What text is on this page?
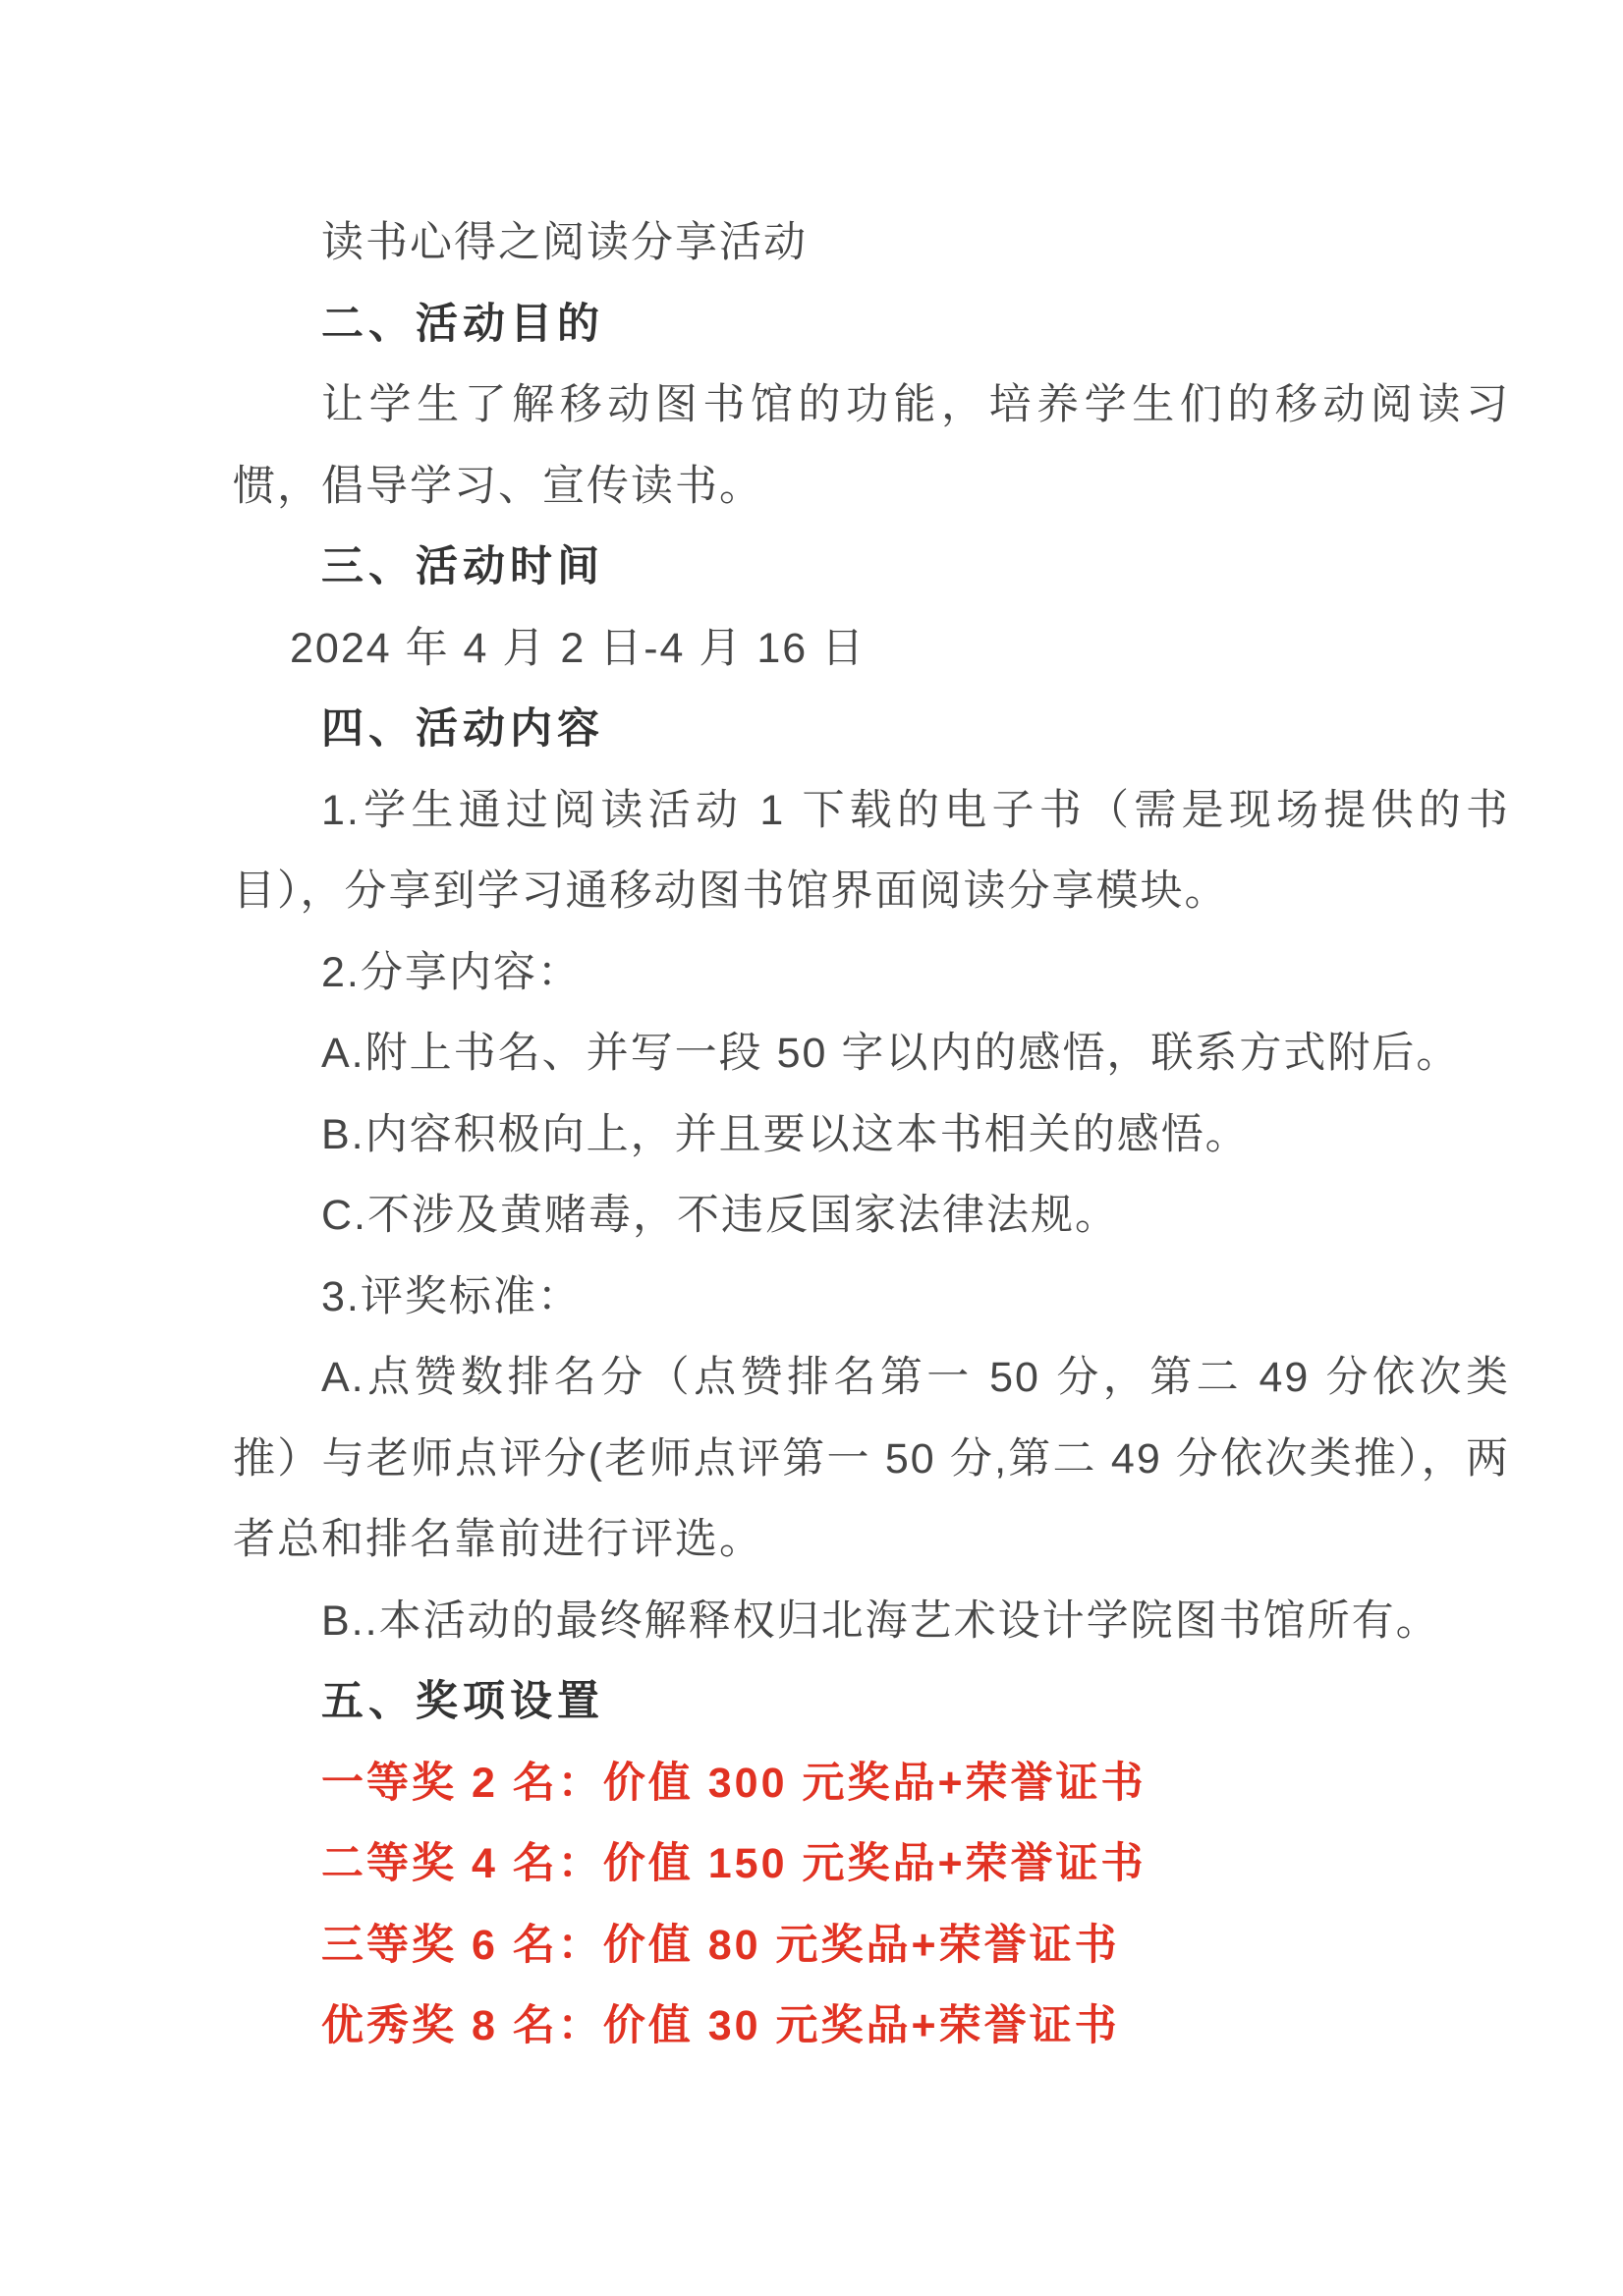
读书心得之阅读分享活动

二、活动目的

让学生了解移动图书馆的功能，培养学生们的移动阅读习惯，倡导学习、宣传读书。

三、活动时间

2024 年 4 月 2 日-4 月 16 日

四、活动内容

1.学生通过阅读活动 1 下载的电子书（需是现场提供的书目），分享到学习通移动图书馆界面阅读分享模块。

2.分享内容：

A.附上书名、并写一段 50 字以内的感悟，联系方式附后。

B.内容积极向上，并且要以这本书相关的感悟。

C.不涉及黄赌毒，不违反国家法律法规。

3.评奖标准：

A.点赞数排名分（点赞排名第一 50 分，第二 49 分依次类推）与老师点评分(老师点评第一 50 分,第二 49 分依次类推），两者总和排名靠前进行评选。

B..本活动的最终解释权归北海艺术设计学院图书馆所有。

五、奖项设置

一等奖 2 名：价值 300 元奖品+荣誉证书

二等奖 4 名：价值 150 元奖品+荣誉证书

三等奖 6 名：价值 80 元奖品+荣誉证书

优秀奖 8 名：价值 30 元奖品+荣誉证书
